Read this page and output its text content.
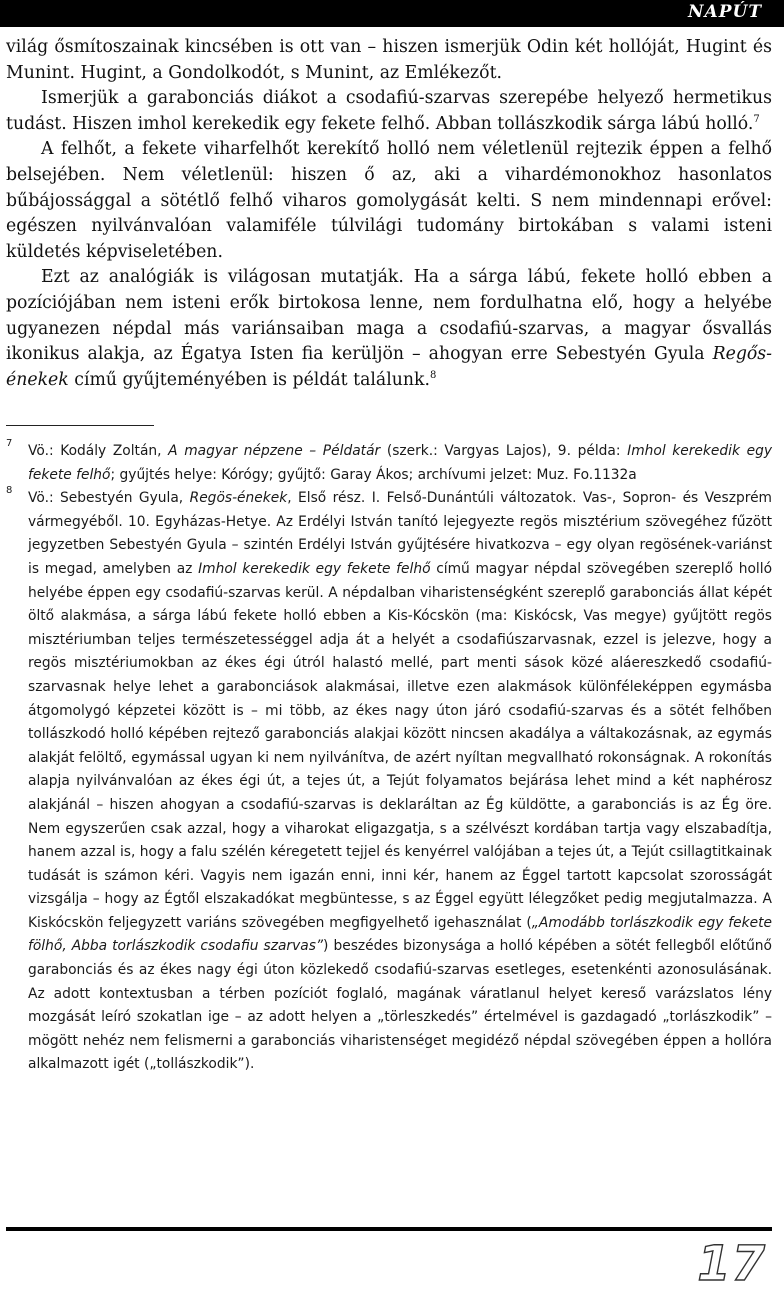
NAPÚT

világ ősmítoszainak kincsében is ott van – hiszen ismerjük Odin két hollóját, Hugint és Munint. Hugint, a Gondolkodót, s Munint, az Emlékezőt.

Ismerjük a garabonciás diákot a csodafiú-szarvas szerepébe helyező hermetikus tudást. Hiszen imhol kerekedik egy fekete felhő. Abban tollászkodik sárga lábú holló.$^7$

A felhőt, a fekete viharfelhőt kerekítő holló nem véletlenül rejtezik éppen a felhő belsejében. Nem véletlenül: hiszen ő az, aki a vihardémonokhoz hasonlatos bűbájossággal a sötétlő felhő viharos gomolygását kelti. S nem mindennapi erővel: egészen nyilvánvalóan valamiféle túlvilági tudomány birtokában s valami isteni küldetés képviseletében.

Ezt az analógiák is világosan mutatják. Ha a sárga lábú, fekete holló ebben a pozíciójában nem isteni erők birtokosa lenne, nem fordulhatna elő, hogy a helyébe ugyanezen népdal más variánsaiban maga a csodafiú-szarvas, a magyar ősvallás ikonikus alakja, az Égatya Isten fia kerüljön – ahogyan erre Sebestyén Gyula Regős-énekek című gyűjteményében is példát találunk.$^8$

7 Vö.: Kodály Zoltán, A magyar népzene – Példatár (szerk.: Vargyas Lajos), 9. példa: Imhol kerekedik egy fekete felhő; gyűjtés helye: Kórógy; gyűjtő: Garay Ákos; archívumi jelzet: Muz. Fo.1132a

8 Vö.: Sebestyén Gyula, Regös-énekek, Első rész. I. Felső-Dunántúli változatok. Vas-, Sopron- és Veszprém vármegyéből. 10. Egyházas-Hetye. Az Erdélyi István tanító lejegyezte regös misztérium szövegéhez fűzött jegyzetben Sebestyén Gyula – szintén Erdélyi István gyűjtésére hivatkozva – egy olyan regösének-variánst is megad, amelyben az Imhol kerekedik egy fekete felhő című magyar népdal szövegében szereplő holló helyébe éppen egy csodafiú-szarvas kerül. A népdalban viharistenségként szereplő garabonciás állat képét öltő alakmása, a sárga lábú fekete holló ebben a Kis-Kócskön (ma: Kiskócsk, Vas megye) gyűjtött regös misztériumban teljes természetességgel adja át a helyét a csodafiúszarvasnak, ezzel is jelezve, hogy a regös misztériumokban az ékes égi útról halastó mellé, part menti sások közé aláereszkedő csodafiú-szarvasnak helye lehet a garabonciások alakmásai, illetve ezen alakmások különféleképpen egymásba átgomolygó képzetei között is – mi több, az ékes nagy úton járó csodafiú-szarvas és a sötét felhőben tollászkodó holló képében rejtező garabonciás alakjai között nincsen akadálya a váltakozásnak, az egymás alakját felöltő, egymással ugyan ki nem nyilvánítva, de azért nyíltan megvallható rokonságnak. A rokonítás alapja nyilvánvalóan az ékes égi út, a tejes út, a Tejút folyamatos bejárása lehet mind a két naphérosz alakjánál – hiszen ahogyan a csodafiú-szarvas is deklaráltan az Ég küldötte, a garabonciás is az Ég öre. Nem egyszerűen csak azzal, hogy a viharokat eligazgatja, s a szélvészt kordában tartja vagy elszabadítja, hanem azzal is, hogy a falu szélén kéregetett tejjel és kenyérrel valójában a tejes út, a Tejút csillagtitkainak tudását is számon kéri. Vagyis nem igazán enni, inni kér, hanem az Éggel tartott kapcsolat szorosságát vizsgálja – hogy az Égtől elszakadókat megbüntesse, s az Éggel együtt lélegzőket pedig megjutalmazza. A Kiskócskön feljegyzett variáns szövegében megfigyelhető igehasználat („Amodább torlászkodik egy fekete fölhő, Abba torlászkodik csodafiu szarvas”) beszédes bizonysága a holló képében a sötét fellegből előtűnő garabonciás és az ékes nagy égi úton közlekedő csodafiú-szarvas esetleges, esetenkénti azonosulásának. Az adott kontextusban a térben pozíciót foglaló, magának váratlanul helyet kereső varázslatos lény mozgását leíró szokatlan ige – az adott helyen a „törleszkedés” értelmével is gazdagadó „torlászkodik” – mögött nehéz nem felismerni a garabonciás viharistenséget megidéző népdal szövegében éppen a hollóra alkalmazott igét („tollászkodik”).

17
